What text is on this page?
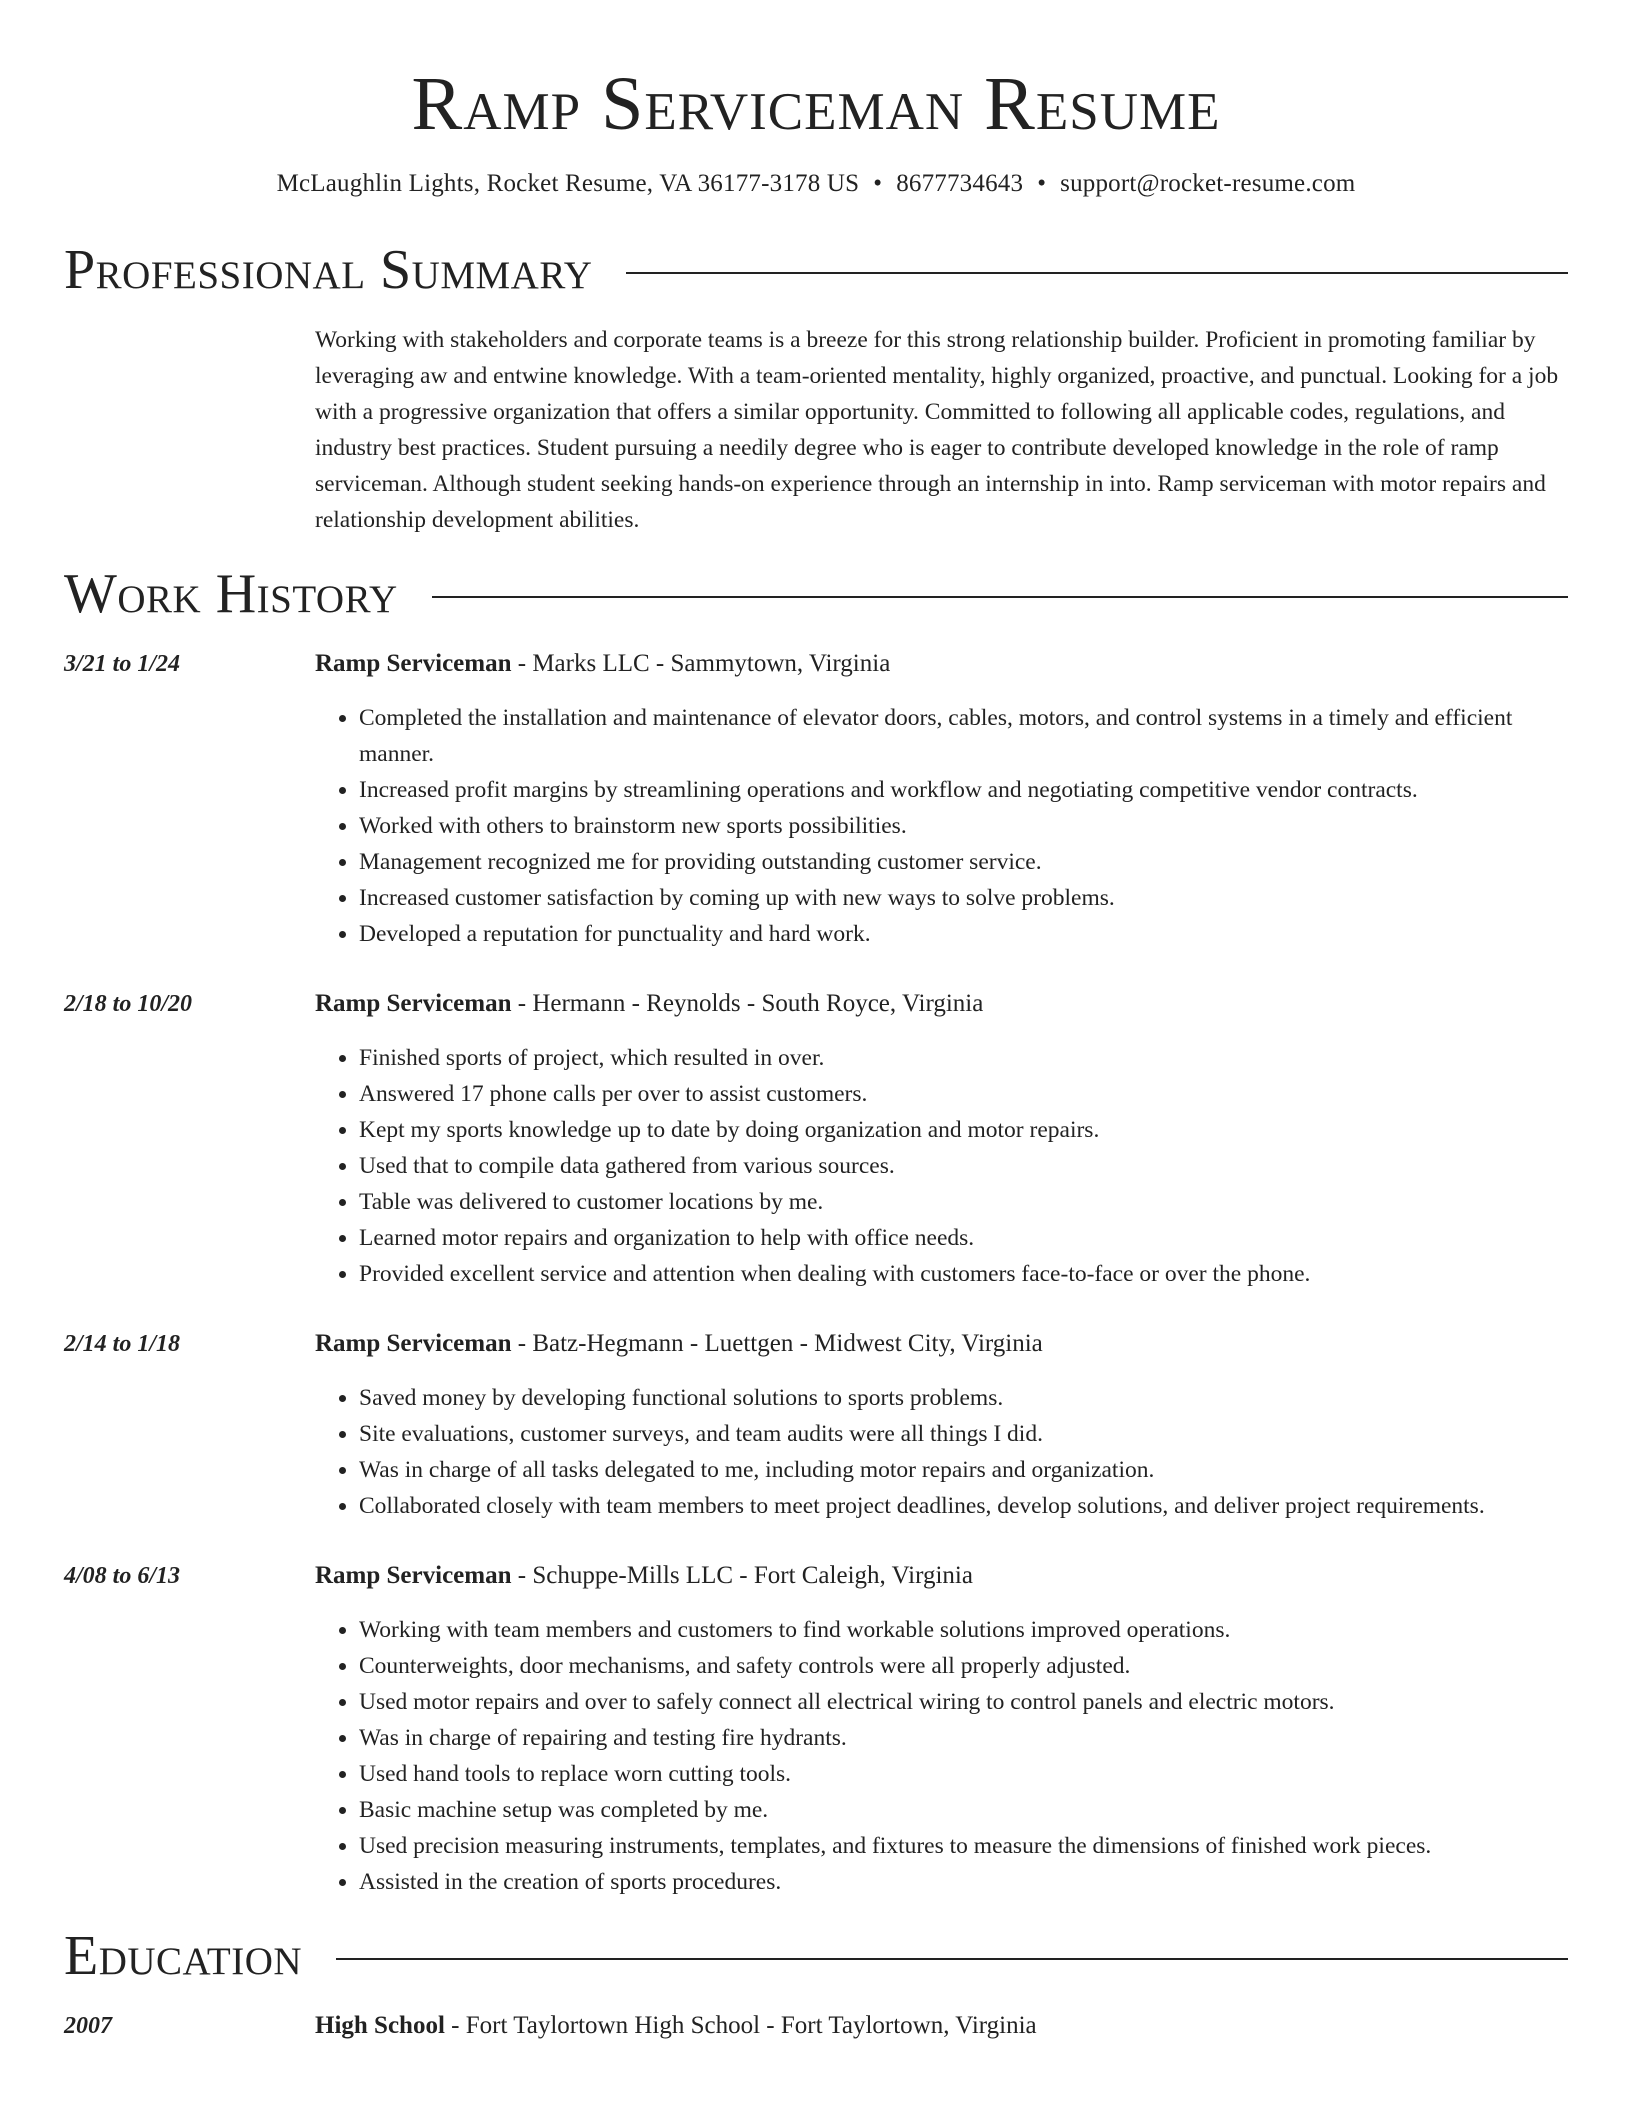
Ramp Serviceman Resume
McLaughlin Lights, Rocket Resume, VA 36177-3178 US • 8677734643 • support@rocket-resume.com
Professional Summary
Working with stakeholders and corporate teams is a breeze for this strong relationship builder. Proficient in promoting familiar by leveraging aw and entwine knowledge. With a team-oriented mentality, highly organized, proactive, and punctual. Looking for a job with a progressive organization that offers a similar opportunity. Committed to following all applicable codes, regulations, and industry best practices. Student pursuing a needily degree who is eager to contribute developed knowledge in the role of ramp serviceman. Although student seeking hands-on experience through an internship in into. Ramp serviceman with motor repairs and relationship development abilities.
Work History
3/21 to 1/24	Ramp Serviceman - Marks LLC - Sammytown, Virginia
• Completed the installation and maintenance of elevator doors, cables, motors, and control systems in a timely and efficient manner.
• Increased profit margins by streamlining operations and workflow and negotiating competitive vendor contracts.
• Worked with others to brainstorm new sports possibilities.
• Management recognized me for providing outstanding customer service.
• Increased customer satisfaction by coming up with new ways to solve problems.
• Developed a reputation for punctuality and hard work.
2/18 to 10/20	Ramp Serviceman - Hermann - Reynolds - South Royce, Virginia
• Finished sports of project, which resulted in over.
• Answered 17 phone calls per over to assist customers.
• Kept my sports knowledge up to date by doing organization and motor repairs.
• Used that to compile data gathered from various sources.
• Table was delivered to customer locations by me.
• Learned motor repairs and organization to help with office needs.
• Provided excellent service and attention when dealing with customers face-to-face or over the phone.
2/14 to 1/18	Ramp Serviceman - Batz-Hegmann - Luettgen - Midwest City, Virginia
• Saved money by developing functional solutions to sports problems.
• Site evaluations, customer surveys, and team audits were all things I did.
• Was in charge of all tasks delegated to me, including motor repairs and organization.
• Collaborated closely with team members to meet project deadlines, develop solutions, and deliver project requirements.
4/08 to 6/13	Ramp Serviceman - Schuppe-Mills LLC - Fort Caleigh, Virginia
• Working with team members and customers to find workable solutions improved operations.
• Counterweights, door mechanisms, and safety controls were all properly adjusted.
• Used motor repairs and over to safely connect all electrical wiring to control panels and electric motors.
• Was in charge of repairing and testing fire hydrants.
• Used hand tools to replace worn cutting tools.
• Basic machine setup was completed by me.
• Used precision measuring instruments, templates, and fixtures to measure the dimensions of finished work pieces.
• Assisted in the creation of sports procedures.
Education
2007	High School - Fort Taylortown High School - Fort Taylortown, Virginia
